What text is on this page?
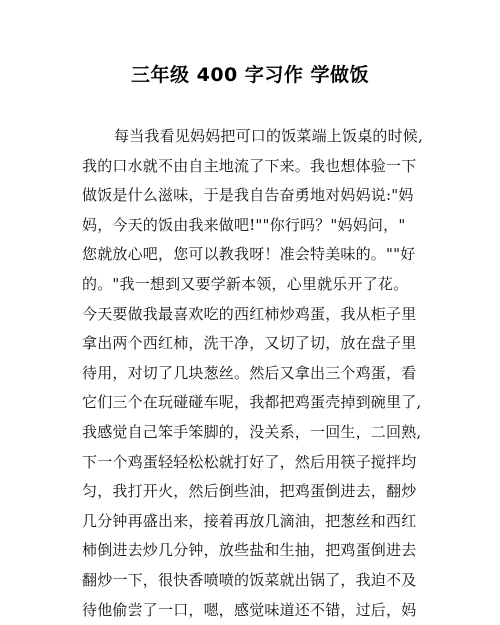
三年级 400 字习作 学做饭
每当我看见妈妈把可口的饭菜端上饭桌的时候,
我的口水就不由自主地流了下来。我也想体验一下
做饭是什么滋味，于是我自告奋勇地对妈妈说:"妈
妈，今天的饭由我来做吧!""你行吗？"妈妈问，"
您就放心吧，您可以教我呀！准会特美味的。""好
的。"我一想到又要学新本领，心里就乐开了花。
今天要做我最喜欢吃的西红柿炒鸡蛋，我从柜子里
拿出两个西红柿，洗干净，又切了切，放在盘子里
待用，对切了几块葱丝。然后又拿出三个鸡蛋，看
它们三个在玩碰碰车呢，我都把鸡蛋壳掉到碗里了,
我感觉自己笨手笨脚的，没关系，一回生，二回熟,
下一个鸡蛋轻轻松松就打好了，然后用筷子搅拌均
匀，我打开火，然后倒些油，把鸡蛋倒进去，翻炒
几分钟再盛出来，接着再放几滴油，把葱丝和西红
柿倒进去炒几分钟，放些盐和生抽，把鸡蛋倒进去
翻炒一下，很快香喷喷的饭菜就出锅了，我迫不及
待他偷尝了一口，嗯，感觉味道还不错，过后，妈
